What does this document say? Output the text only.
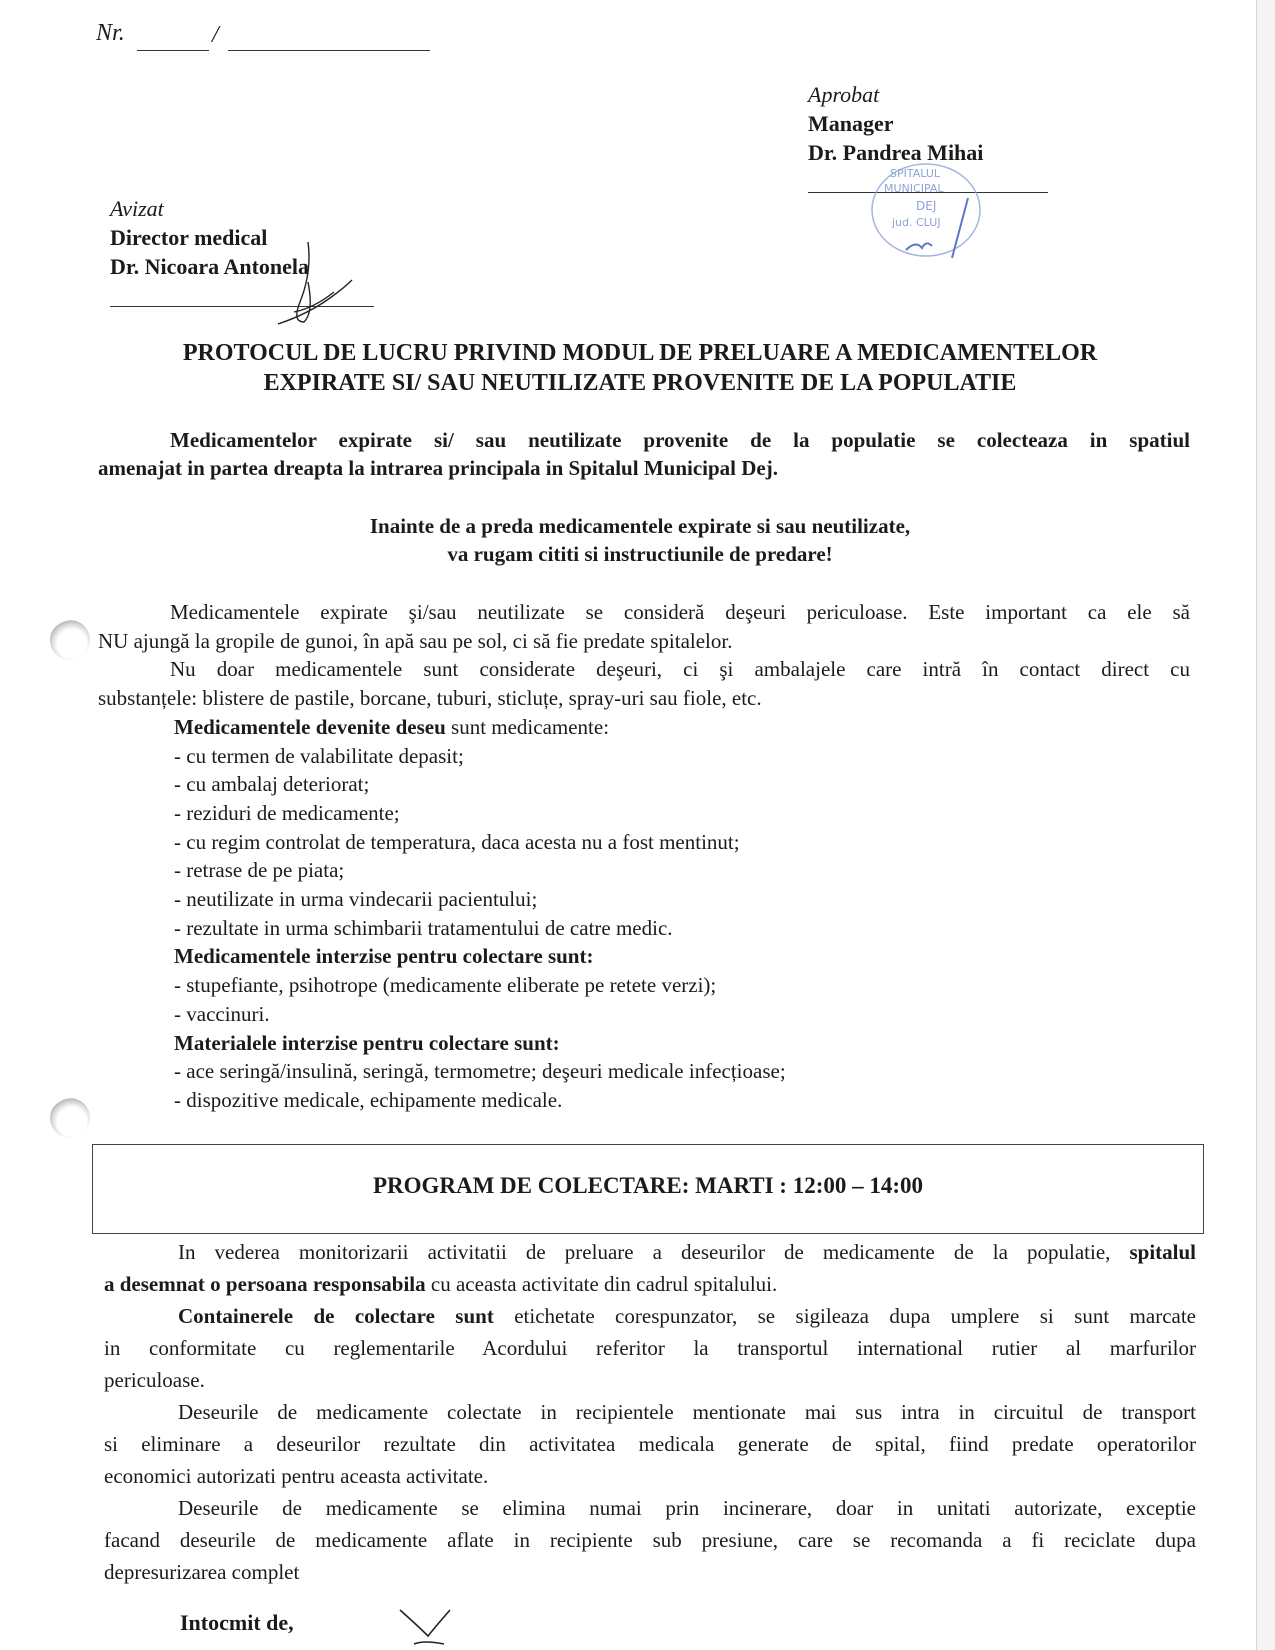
Nr.	/
Aprobat
Manager
Dr. Pandrea Mihai
SPITALUL
MUNICIPAL
DEJ
jud. CLUJ
Avizat
Director medical
Dr. Nicoara Antonela
PROTOCUL DE LUCRU PRIVIND MODUL DE PRELUARE A MEDICAMENTELOR
EXPIRATE SI/ SAU NEUTILIZATE PROVENITE DE LA POPULATIE
Medicamentelor expirate si/ sau neutilizate provenite de la populatie se colecteaza in spatiul
amenajat in partea dreapta la intrarea principala in Spitalul Municipal Dej.
Inainte de a preda medicamentele expirate si sau neutilizate,
va rugam cititi si instructiunile de predare!
Medicamentele expirate şi/sau neutilizate se consideră deşeuri periculoase. Este important ca ele să
NU ajungă la gropile de gunoi, în apă sau pe sol, ci să fie predate spitalelor.
Nu doar medicamentele sunt considerate deşeuri, ci şi ambalajele care intră în contact direct cu
substanțele: blistere de pastile, borcane, tuburi, sticluțe, spray-uri sau fiole, etc.
Medicamentele devenite deseu sunt medicamente:
- cu termen de valabilitate depasit;
- cu ambalaj deteriorat;
- reziduri de medicamente;
- cu regim controlat de temperatura, daca acesta nu a fost mentinut;
- retrase de pe piata;
- neutilizate in urma vindecarii pacientului;
- rezultate in urma schimbarii tratamentului de catre medic.
Medicamentele interzise pentru colectare sunt:
- stupefiante, psihotrope (medicamente eliberate pe retete verzi);
- vaccinuri.
Materialele interzise pentru colectare sunt:
- ace seringă/insulină, seringă, termometre; deşeuri medicale infecțioase;
- dispozitive medicale, echipamente medicale.
PROGRAM DE COLECTARE: MARTI : 12:00 – 14:00
In vederea monitorizarii activitatii de preluare a deseurilor de medicamente de la populatie, spitalul
a desemnat o persoana responsabila cu aceasta activitate din cadrul spitalului.
Containerele de colectare sunt etichetate corespunzator, se sigileaza dupa umplere si sunt marcate
in conformitate cu reglementarile Acordului referitor la transportul international rutier al marfurilor
periculoase.
Deseurile de medicamente colectate in recipientele mentionate mai sus intra in circuitul de transport
si eliminare a deseurilor rezultate din activitatea medicala generate de spital, fiind predate operatorilor
economici autorizati pentru aceasta activitate.
Deseurile de medicamente se elimina numai prin incinerare, doar in unitati autorizate, exceptie
facand deseurile de medicamente aflate in recipiente sub presiune, care se recomanda a fi reciclate dupa
depresurizarea complet
Intocmit de,
